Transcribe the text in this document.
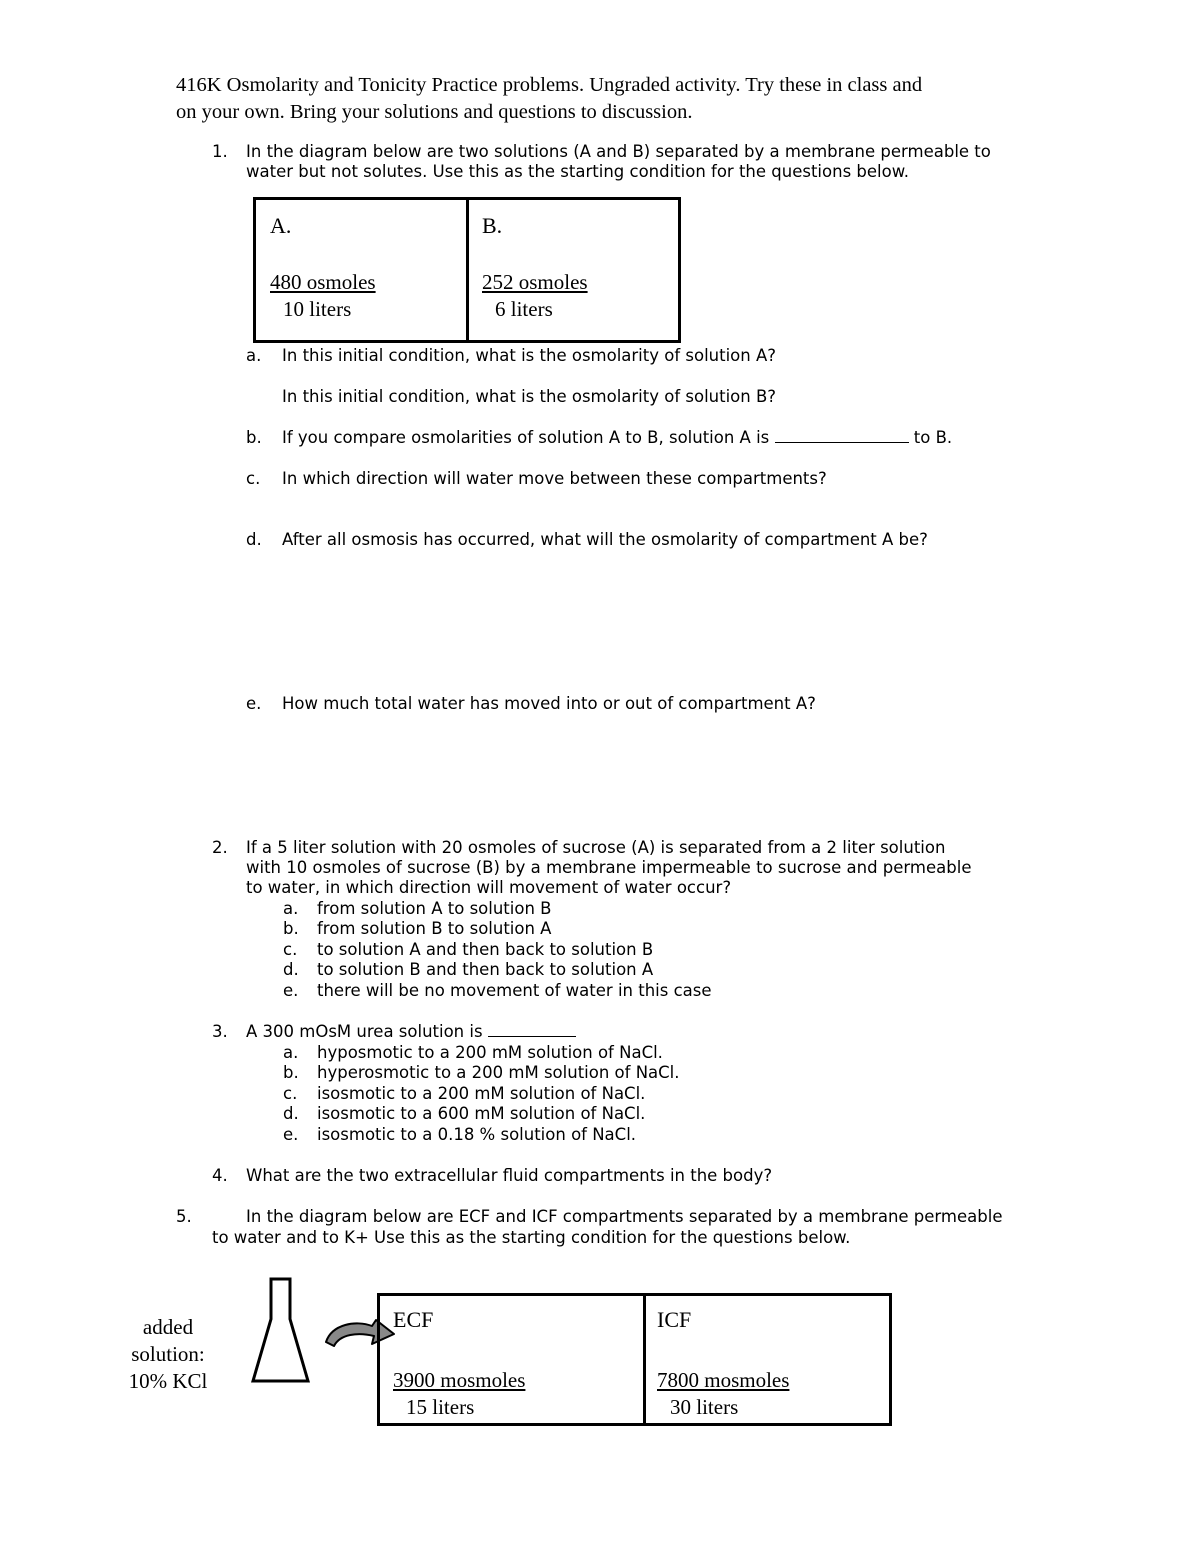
416K Osmolarity and Tonicity Practice problems. Ungraded activity. Try these in class and
on your own. Bring your solutions and questions to discussion.
1. In the diagram below are two solutions (A and B) separated by a membrane permeable to
water but not solutes. Use this as the starting condition for the questions below.
A.
480 osmoles
10 liters
B.
252 osmoles
6 liters
a. In this initial condition, what is the osmolarity of solution A?
In this initial condition, what is the osmolarity of solution B?
b. If you compare osmolarities of solution A to B, solution A is	to B.
c. In which direction will water move between these compartments?
d. After all osmosis has occurred, what will the osmolarity of compartment A be?
e. How much total water has moved into or out of compartment A?
2. If a 5 liter solution with 20 osmoles of sucrose (A) is separated from a 2 liter solution
with 10 osmoles of sucrose (B) by a membrane impermeable to sucrose and permeable
to water, in which direction will movement of water occur?
a. from solution A to solution B
b. from solution B to solution A
c. to solution A and then back to solution B
d. to solution B and then back to solution A
e. there will be no movement of water in this case
3. A 300 mOsM urea solution is
a. hyposmotic to a 200 mM solution of NaCl.
b. hyperosmotic to a 200 mM solution of NaCl.
c. isosmotic to a 200 mM solution of NaCl.
d. isosmotic to a 600 mM solution of NaCl.
e. isosmotic to a 0.18 % solution of NaCl.
4. What are the two extracellular fluid compartments in the body?
5.	In the diagram below are ECF and ICF compartments separated by a membrane permeable
to water and to K+ Use this as the starting condition for the questions below.
added
solution:
10% KCl
ECF
3900 mosmoles
15 liters
ICF
7800 mosmoles
30 liters
